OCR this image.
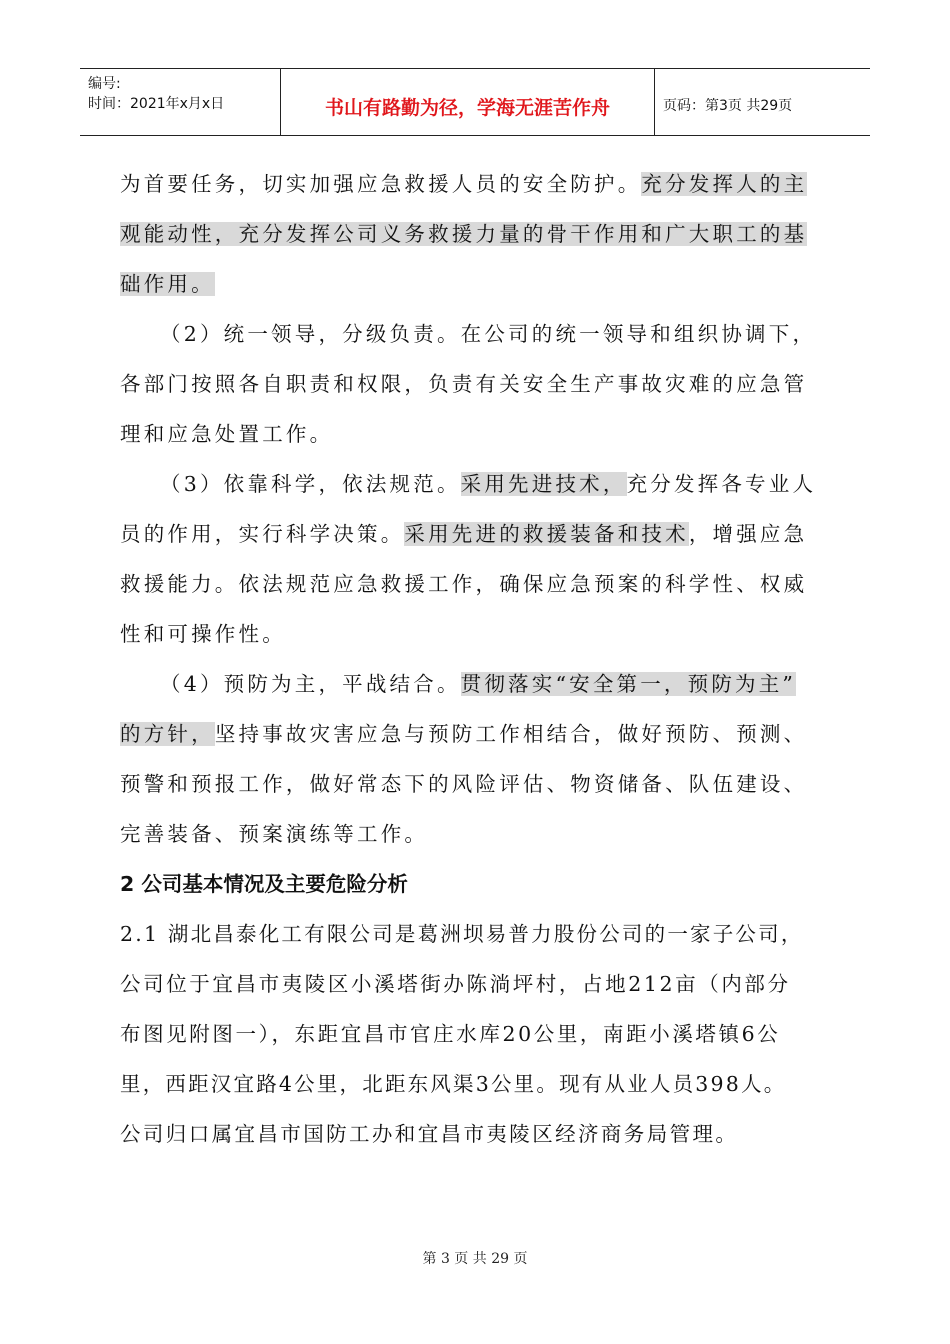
编号:
时间：2021年x月x日	书山有路勤为径，学海无涯苦作舟	页码：第3页 共29页
为首要任务，切实加强应急救援人员的安全防护。充分发挥人的主
观能动性，充分发挥公司义务救援力量的骨干作用和广大职工的基
础作用。
（2）统一领导，分级负责。在公司的统一领导和组织协调下，
各部门按照各自职责和权限，负责有关安全生产事故灾难的应急管
理和应急处置工作。
（3）依靠科学，依法规范。采用先进技术，充分发挥各专业人
员的作用，实行科学决策。采用先进的救援装备和技术，增强应急
救援能力。依法规范应急救援工作，确保应急预案的科学性、权威
性和可操作性。
（4）预防为主，平战结合。贯彻落实“安全第一，预防为主”
的方针，坚持事故灾害应急与预防工作相结合，做好预防、预测、
预警和预报工作，做好常态下的风险评估、物资储备、队伍建设、
完善装备、预案演练等工作。
2 公司基本情况及主要危险分析
2.1 湖北昌泰化工有限公司是葛洲坝易普力股份公司的一家子公司，
公司位于宜昌市夷陵区小溪塔街办陈淌坪村，占地212亩（内部分
布图见附图一），东距宜昌市官庄水库20公里，南距小溪塔镇6公
里，西距汉宜路4公里，北距东风渠3公里。现有从业人员398人。
公司归口属宜昌市国防工办和宜昌市夷陵区经济商务局管理。
第 3 页 共 29 页
